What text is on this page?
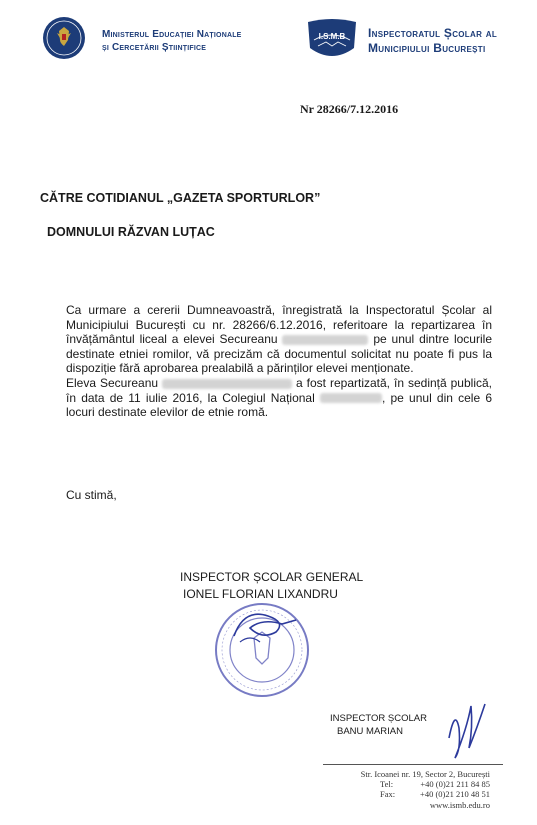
Ministerul Educației Naționale
și Cercetării Științifice
I.S.M.B Inspectoratul Școlar al
Municipiului București
Nr 28266/7.12.2016
CĂTRE COTIDIANUL „GAZETA SPORTURLOR”
DOMNULUI RĂZVAN LUȚAC

Ca urmare a cererii Dumneavoastră, înregistrată la Inspectoratul Școlar al Municipiului București cu nr. 28266/6.12.2016, referitoare la repartizarea în învățământul liceal a elevei Secureanu	pe unul dintre locurile destinate etniei romilor, vă precizăm că documentul solicitat nu poate fi pus la dispoziție fără aprobarea prealabilă a părinților elevei menționate.

Eleva Secureanu	a fost repartizată, în sedință publică, în data de 11 iulie 2016, la Colegiul Național	, pe unul din cele 6 locuri destinate elevilor de etnie romă.

Cu stimă,
INSPECTOR ȘCOLAR GENERAL
IONEL FLORIAN LIXANDRU
INSPECTOR ȘCOLAR
BANU MARIAN
Str. Icoanei nr. 19, Sector 2, București
Tel:	+40 (0)21 211 84 85
Fax:	+40 (0)21 210 48 51
www.ismb.edu.ro
